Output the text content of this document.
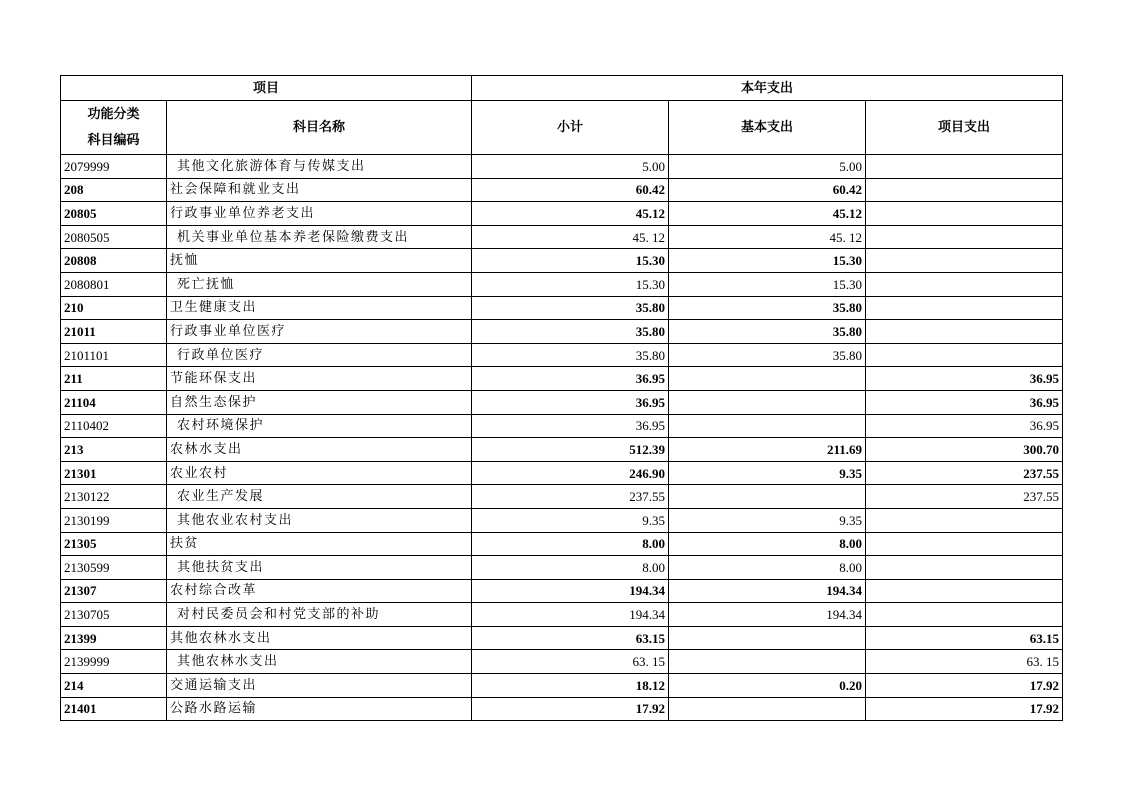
项目		本年支出		

功能分类
科目编码	科目名称	小计	基本支出	项目支出
2079999	其他文化旅游体育与传媒支出	5.00	5.00	
208	社会保障和就业支出	60.42	60.42	
20805	行政事业单位养老支出	45.12	45.12	
2080505	机关事业单位基本养老保险缴费支出	45. 12	45. 12	
20808	抚恤	15.30	15.30	
2080801	死亡抚恤	15.30	15.30	
210	卫生健康支出	35.80	35.80	
21011	行政事业单位医疗	35.80	35.80	
2101101	行政单位医疗	35.80	35.80	
211	节能环保支出	36.95		36.95
21104	自然生态保护	36.95		36.95
2110402	农村环境保护	36.95		36.95
213	农林水支出	512.39	211.69	300.70
21301	农业农村	246.90	9.35	237.55
2130122	农业生产发展	237.55		237.55
2130199	其他农业农村支出	9.35	9.35	
21305	扶贫	8.00	8.00	
2130599	其他扶贫支出	8.00	8.00	
21307	农村综合改革	194.34	194.34	
2130705	对村民委员会和村党支部的补助	194.34	194.34	
21399	其他农林水支出	63.15		63.15
2139999	其他农林水支出	63. 15		63. 15
214	交通运输支出	18.12	0.20	17.92
21401	公路水路运输	17.92		17.92
